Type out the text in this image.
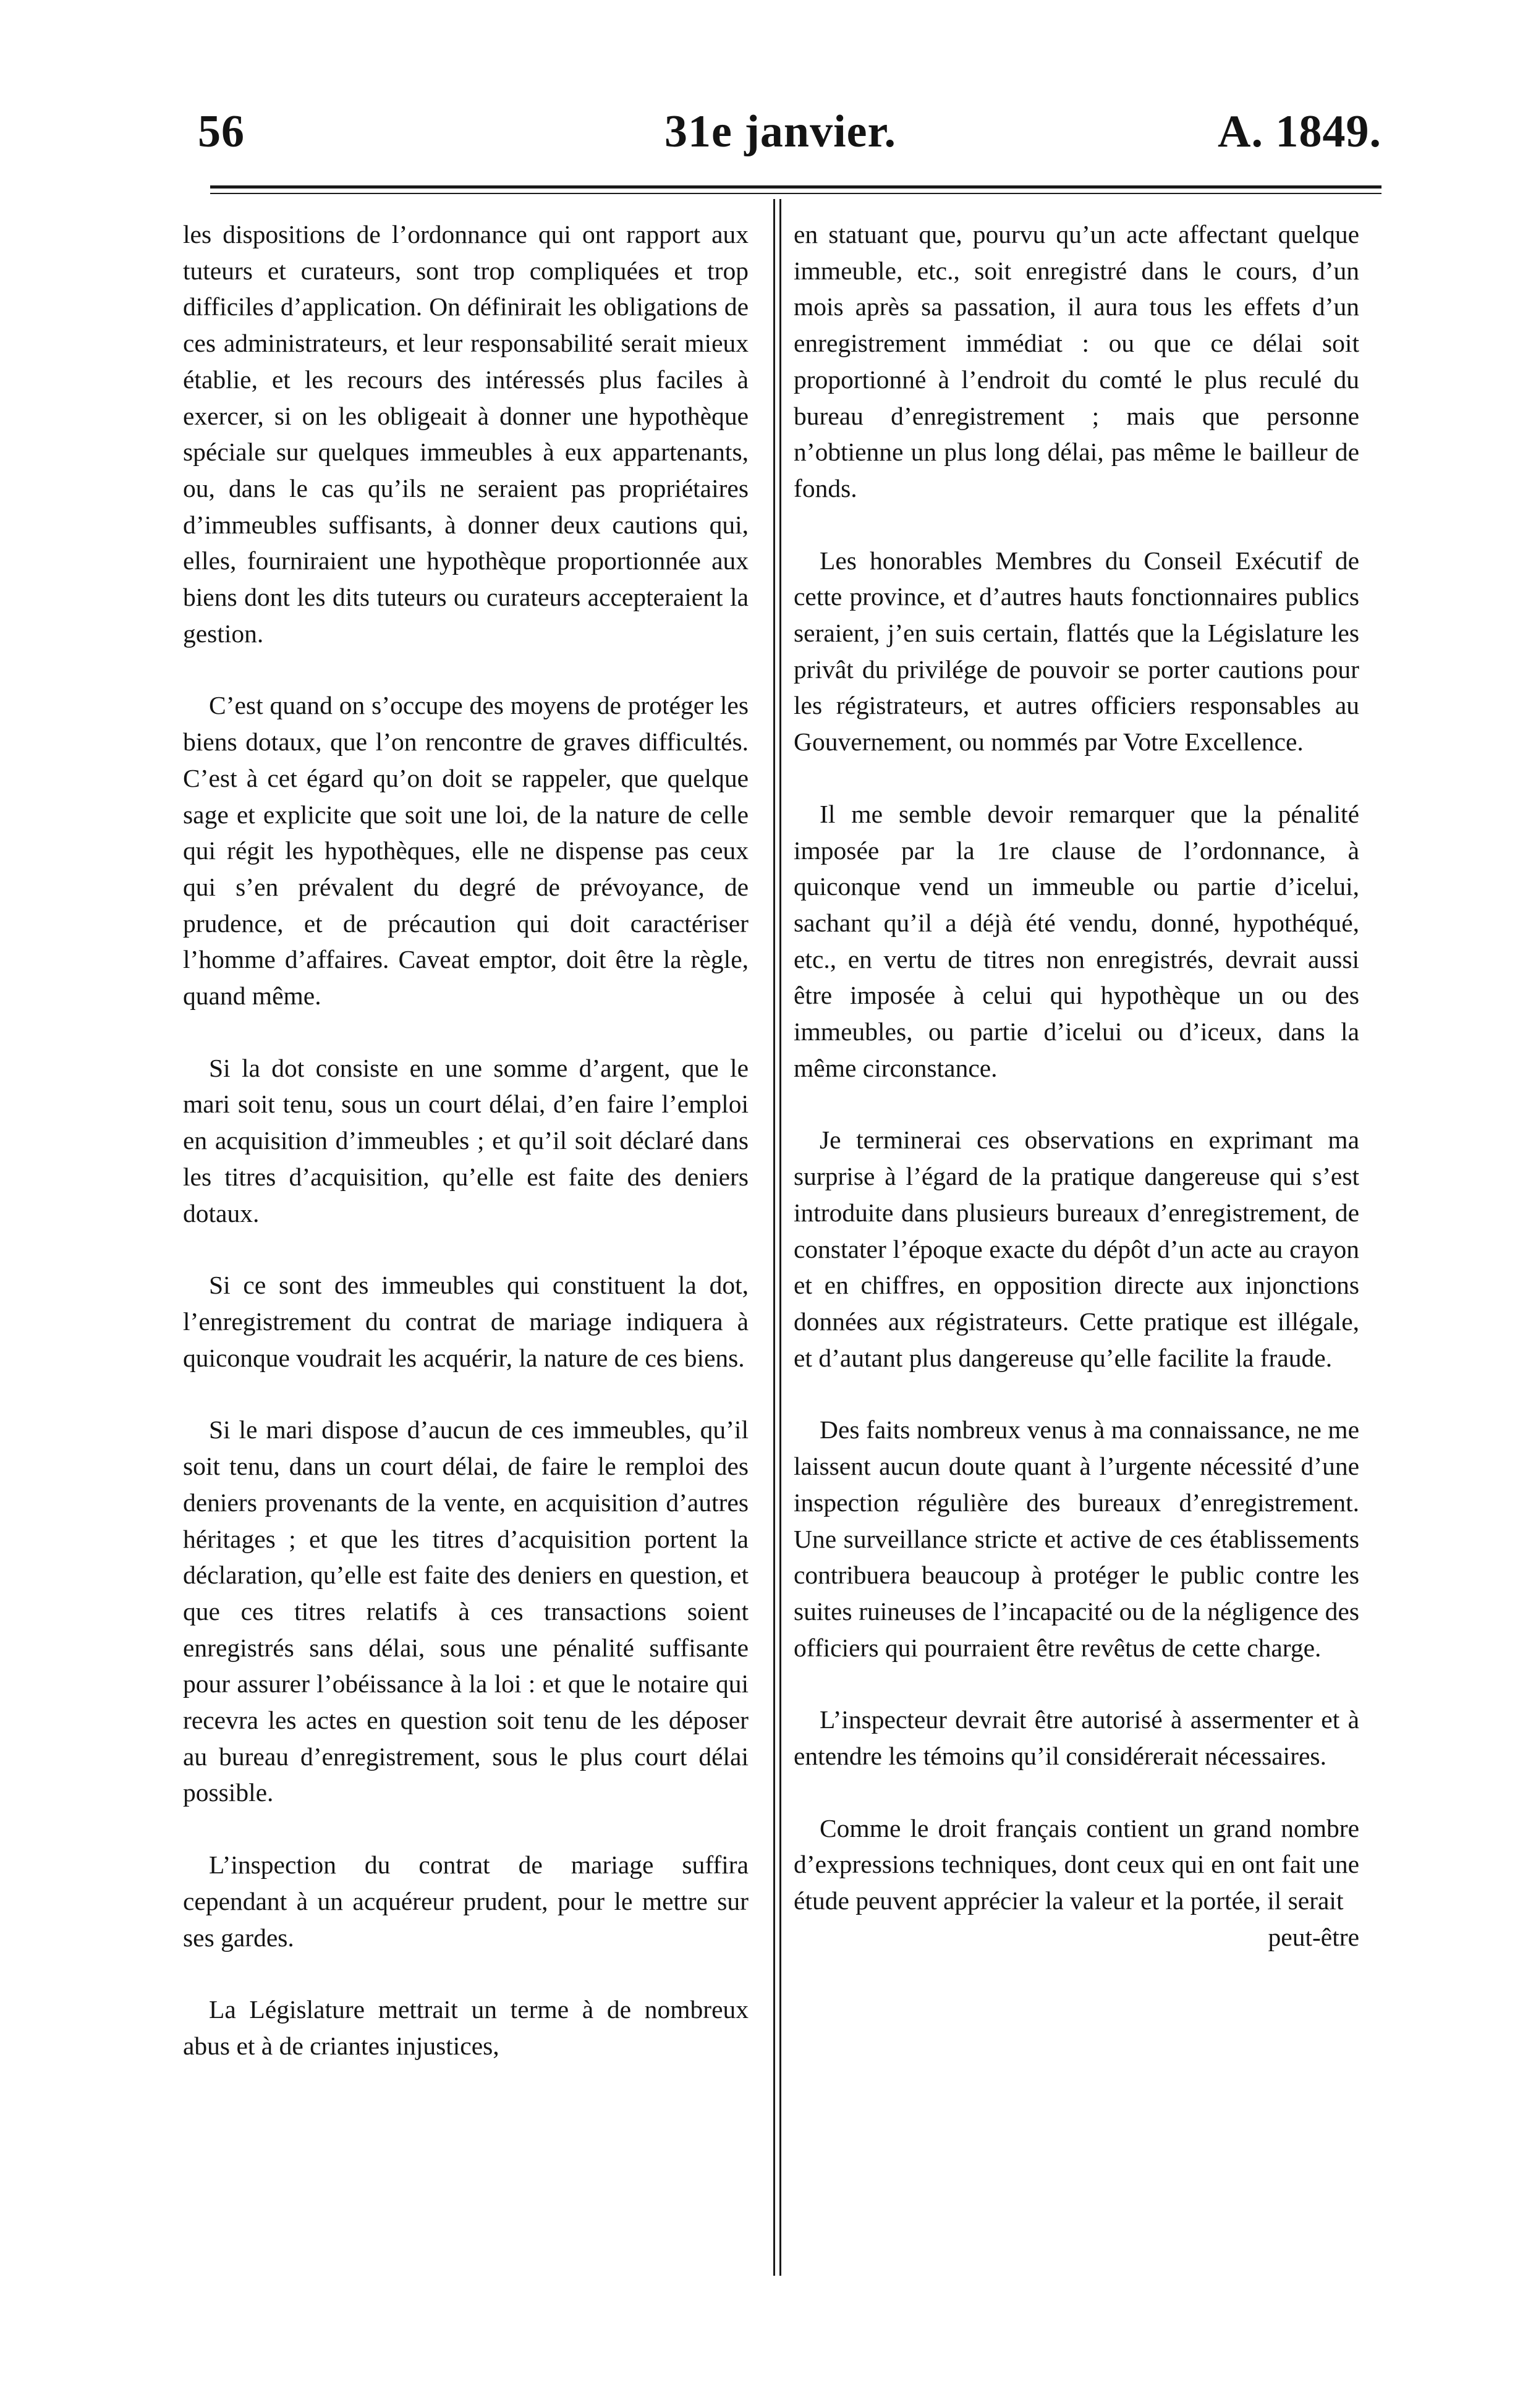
56	31e janvier.	A. 1849.

les dispositions de l’ordonnance qui ont rapport aux tuteurs et curateurs, sont trop compliquées et trop difficiles d’application. On définirait les obligations de ces administrateurs, et leur responsabilité serait mieux établie, et les recours des intéressés plus faciles à exercer, si on les obligeait à donner une hypothèque spéciale sur quelques immeubles à eux appartenants, ou, dans le cas qu’ils ne seraient pas propriétaires d’immeubles suffisants, à donner deux cautions qui, elles, fourniraient une hypothèque proportionnée aux biens dont les dits tuteurs ou curateurs accepteraient la gestion.

C’est quand on s’occupe des moyens de protéger les biens dotaux, que l’on rencontre de graves difficultés. C’est à cet égard qu’on doit se rappeler, que quelque sage et explicite que soit une loi, de la nature de celle qui régit les hypothèques, elle ne dispense pas ceux qui s’en prévalent du degré de prévoyance, de prudence, et de précaution qui doit caractériser l’homme d’affaires. Caveat emptor, doit être la règle, quand même.

Si la dot consiste en une somme d’argent, que le mari soit tenu, sous un court délai, d’en faire l’emploi en acquisition d’immeubles ; et qu’il soit déclaré dans les titres d’acquisition, qu’elle est faite des deniers dotaux.

Si ce sont des immeubles qui constituent la dot, l’enregistrement du contrat de mariage indiquera à quiconque voudrait les acquérir, la nature de ces biens.

Si le mari dispose d’aucun de ces immeubles, qu’il soit tenu, dans un court délai, de faire le remploi des deniers provenants de la vente, en acquisition d’autres héritages ; et que les titres d’acquisition portent la déclaration, qu’elle est faite des deniers en question, et que ces titres relatifs à ces transactions soient enregistrés sans délai, sous une pénalité suffisante pour assurer l’obéissance à la loi : et que le notaire qui recevra les actes en question soit tenu de les déposer au bureau d’enregistrement, sous le plus court délai possible.

L’inspection du contrat de mariage suffira cependant à un acquéreur prudent, pour le mettre sur ses gardes.

La Législature mettrait un terme à de nombreux abus et à de criantes injustices,

en statuant que, pourvu qu’un acte affectant quelque immeuble, etc., soit enregistré dans le cours, d’un mois après sa passation, il aura tous les effets d’un enregistrement immédiat : ou que ce délai soit proportionné à l’endroit du comté le plus reculé du bureau d’enregistrement ; mais que personne n’obtienne un plus long délai, pas même le bailleur de fonds.

Les honorables Membres du Conseil Exécutif de cette province, et d’autres hauts fonctionnaires publics seraient, j’en suis certain, flattés que la Législature les privât du privilége de pouvoir se porter cautions pour les régistrateurs, et autres officiers responsables au Gouvernement, ou nommés par Votre Excellence.

Il me semble devoir remarquer que la pénalité imposée par la 1re clause de l’ordonnance, à quiconque vend un immeuble ou partie d’icelui, sachant qu’il a déjà été vendu, donné, hypothéqué, etc., en vertu de titres non enregistrés, devrait aussi être imposée à celui qui hypothèque un ou des immeubles, ou partie d’icelui ou d’iceux, dans la même circonstance.

Je terminerai ces observations en exprimant ma surprise à l’égard de la pratique dangereuse qui s’est introduite dans plusieurs bureaux d’enregistrement, de constater l’époque exacte du dépôt d’un acte au crayon et en chiffres, en opposition directe aux injonctions données aux régistrateurs. Cette pratique est illégale, et d’autant plus dangereuse qu’elle facilite la fraude.

Des faits nombreux venus à ma connaissance, ne me laissent aucun doute quant à l’urgente nécessité d’une inspection régulière des bureaux d’enregistrement. Une surveillance stricte et active de ces établissements contribuera beaucoup à protéger le public contre les suites ruineuses de l’incapacité ou de la négligence des officiers qui pourraient être revêtus de cette charge.

L’inspecteur devrait être autorisé à assermenter et à entendre les témoins qu’il considérerait nécessaires.

Comme le droit français contient un grand nombre d’expressions techniques, dont ceux qui en ont fait une étude peuvent apprécier la valeur et la portée, il serait

peut-être
